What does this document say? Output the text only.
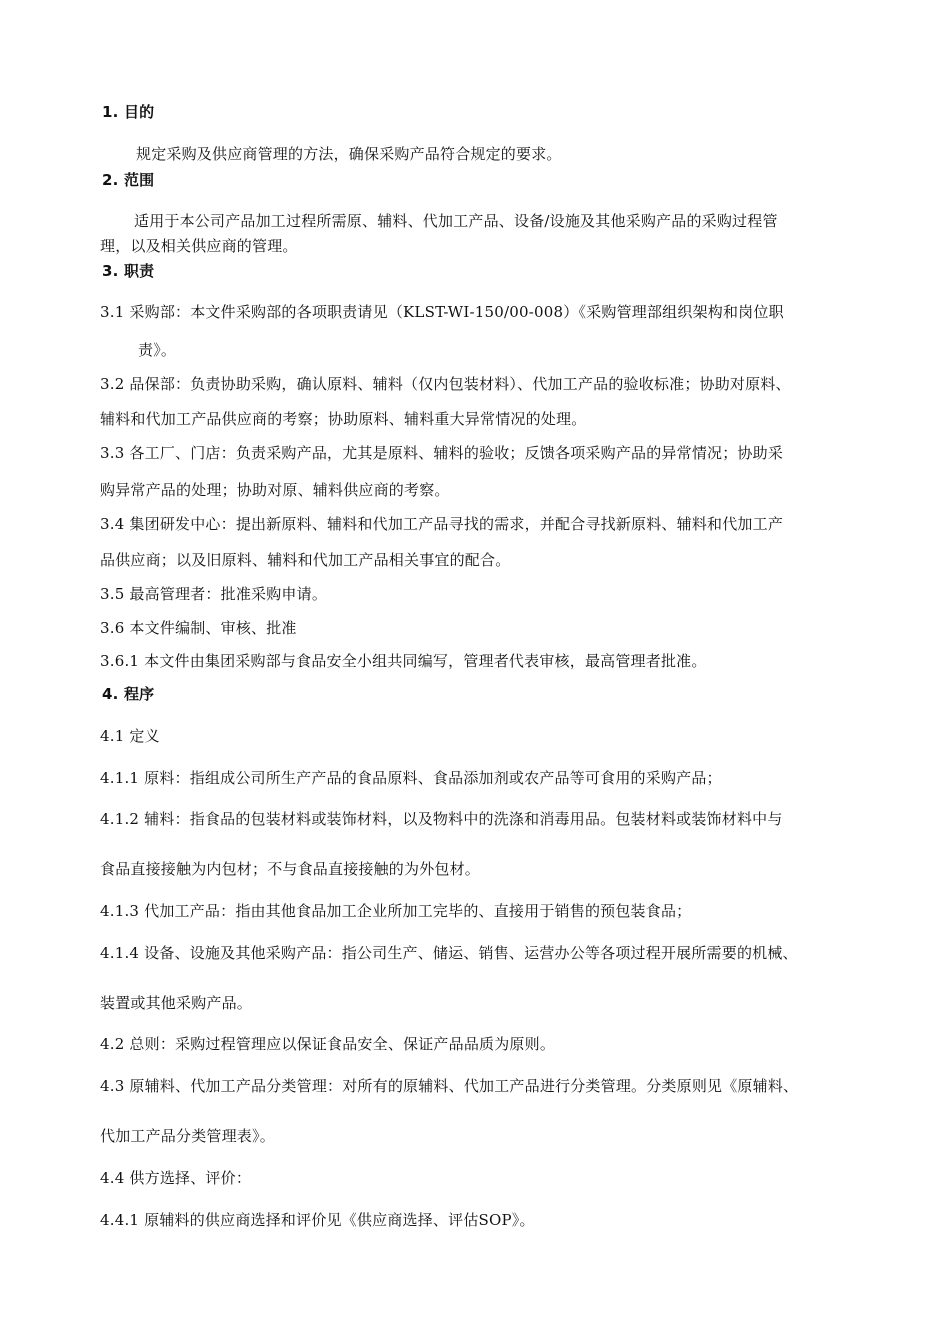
1. 目的

规定采购及供应商管理的方法，确保采购产品符合规定的要求。

2. 范围

适用于本公司产品加工过程所需原、辅料、代加工产品、设备/设施及其他采购产品的采购过程管

理，以及相关供应商的管理。

3. 职责

3.1 采购部：本文件采购部的各项职责请见（KLST-WI-150/00-008）《采购管理部组织架构和岗位职

责》。

3.2 品保部：负责协助采购，确认原料、辅料（仅内包装材料）、代加工产品的验收标准；协助对原料、

辅料和代加工产品供应商的考察；协助原料、辅料重大异常情况的处理。

3.3 各工厂、门店：负责采购产品，尤其是原料、辅料的验收；反馈各项采购产品的异常情况；协助采

购异常产品的处理；协助对原、辅料供应商的考察。

3.4 集团研发中心：提出新原料、辅料和代加工产品寻找的需求，并配合寻找新原料、辅料和代加工产

品供应商；以及旧原料、辅料和代加工产品相关事宜的配合。

3.5 最高管理者：批准采购申请。

3.6 本文件编制、审核、批准

3.6.1 本文件由集团采购部与食品安全小组共同编写，管理者代表审核，最高管理者批准。

4. 程序

4.1 定义

4.1.1 原料：指组成公司所生产产品的食品原料、食品添加剂或农产品等可食用的采购产品；

4.1.2 辅料：指食品的包装材料或装饰材料，以及物料中的洗涤和消毒用品。包装材料或装饰材料中与

食品直接接触为内包材；不与食品直接接触的为外包材。

4.1.3 代加工产品：指由其他食品加工企业所加工完毕的、直接用于销售的预包装食品；

4.1.4 设备、设施及其他采购产品：指公司生产、储运、销售、运营办公等各项过程开展所需要的机械、

装置或其他采购产品。

4.2 总则：采购过程管理应以保证食品安全、保证产品品质为原则。

4.3 原辅料、代加工产品分类管理：对所有的原辅料、代加工产品进行分类管理。分类原则见《原辅料、

代加工产品分类管理表》。

4.4 供方选择、评价：

4.4.1 原辅料的供应商选择和评价见《供应商选择、评估SOP》。
